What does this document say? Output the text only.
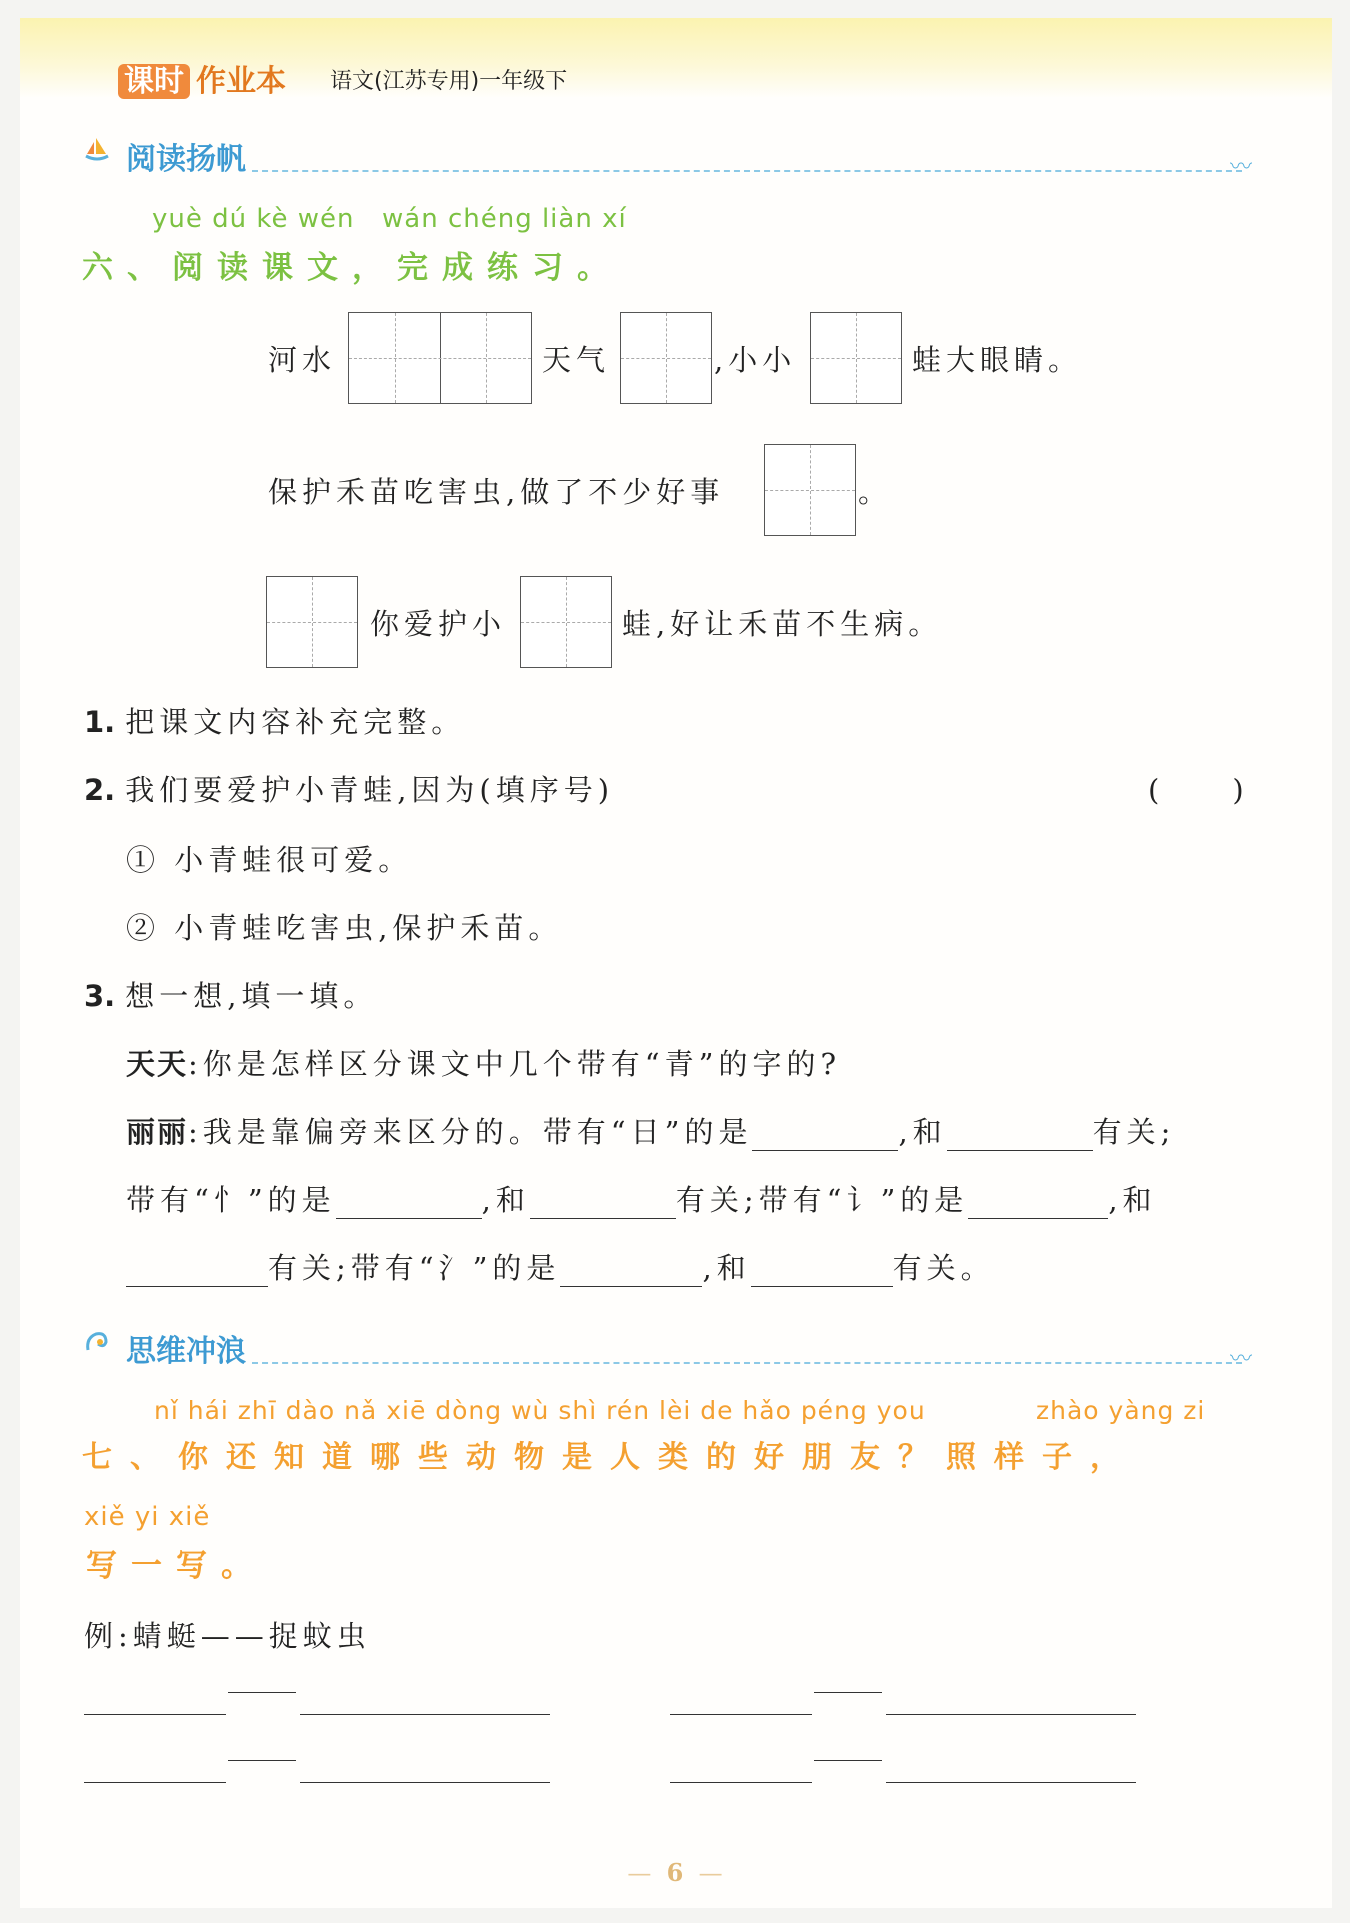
课时 作业本 语文(江苏专用)一年级下
阅读扬帆	〰
yuè dú kè wén wán chéng liàn xí
六、阅读课文，完成练习。
河水	天气	,小小	蛙大眼睛。
保护禾苗吃害虫,做了不少好事	。
你爱护小	蛙,好让禾苗不生病。
1. 把课文内容补充完整。
2. 我们要爱护小青蛙,因为(填序号)	(　　)
① 小青蛙很可爱。
② 小青蛙吃害虫,保护禾苗。
3. 想一想,填一填。
天天:你是怎样区分课文中几个带有“青”的字的?
丽丽:我是靠偏旁来区分的。带有“日”的是	,和	有关;
带有“忄”的是	,和	有关;带有“讠”的是	,和
有关;带有“氵”的是	,和	有关。
思维冲浪	〰
nǐ hái zhī dào nǎ xiē dòng wù shì rén lèi de hǎo péng you	zhào yàng zi
七、你还知道哪些动物是人类的好朋友？照样子，
xiě yi xiě
写一写。
例:蜻蜓——捉蚊虫
—  6  —
